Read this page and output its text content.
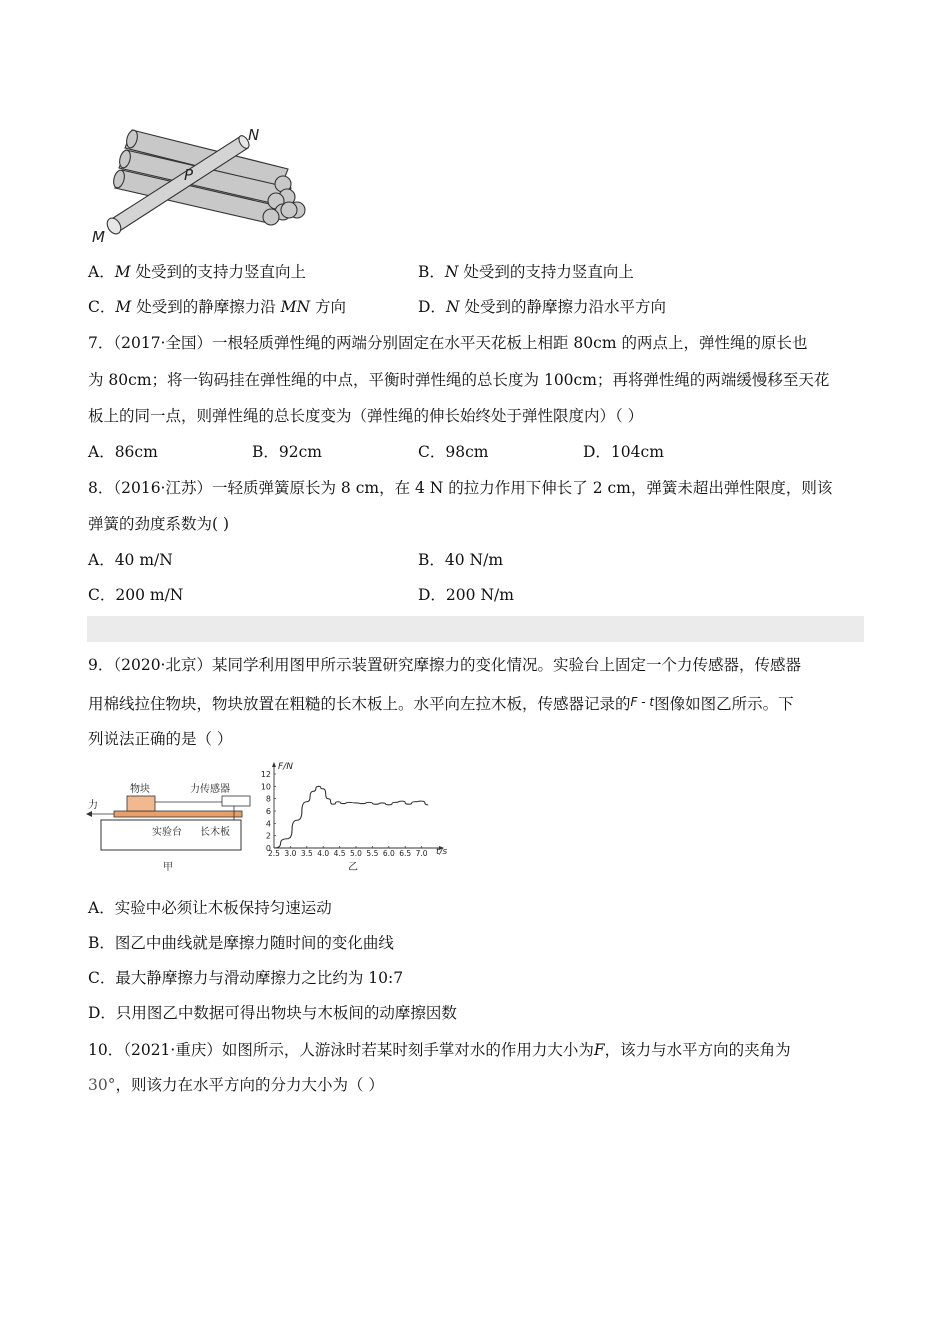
N
P
M
A．M 处受到的支持力竖直向上	B．N 处受到的支持力竖直向上
C．M 处受到的静摩擦力沿 MN 方向	D．N 处受到的静摩擦力沿水平方向
7．（2017·全国）一根轻质弹性绳的两端分别固定在水平天花板上相距 80cm 的两点上，弹性绳的原长也
为 80cm；将一钩码挂在弹性绳的中点，平衡时弹性绳的总长度为 100cm；再将弹性绳的两端缓慢移至天花
板上的同一点，则弹性绳的总长度变为（弹性绳的伸长始终处于弹性限度内）（ ）
A．86cm	B．92cm	C．98cm	D．104cm
8．（2016·江苏）一轻质弹簧原长为 8 cm，在 4 N 的拉力作用下伸长了 2 cm，弹簧未超出弹性限度，则该
弹簧的劲度系数为( )
A．40 m/N	B．40 N/m
C．200 m/N	D．200 N/m
9．（2020·北京）某同学利用图甲所示装置研究摩擦力的变化情况。实验台上固定一个力传感器，传感器
用棉线拉住物块，物块放置在粗糙的长木板上。水平向左拉木板，传感器记录的F - t图像如图乙所示。下
列说法正确的是（ ）
物块	力传感器
力
实验台 长木板
甲
12
10
8
6
4
2
0
2.5 3.0 3.5 4.0 4.5 5.0 5.5 6.0 6.5 7.0
F/N
t/s
乙
A．实验中必须让木板保持匀速运动
B．图乙中曲线就是摩擦力随时间的变化曲线
C．最大静摩擦力与滑动摩擦力之比约为 10:7
D．只用图乙中数据可得出物块与木板间的动摩擦因数
10．（2021·重庆）如图所示，人游泳时若某时刻手掌对水的作用力大小为F，该力与水平方向的夹角为
30°，则该力在水平方向的分力大小为（ ）
